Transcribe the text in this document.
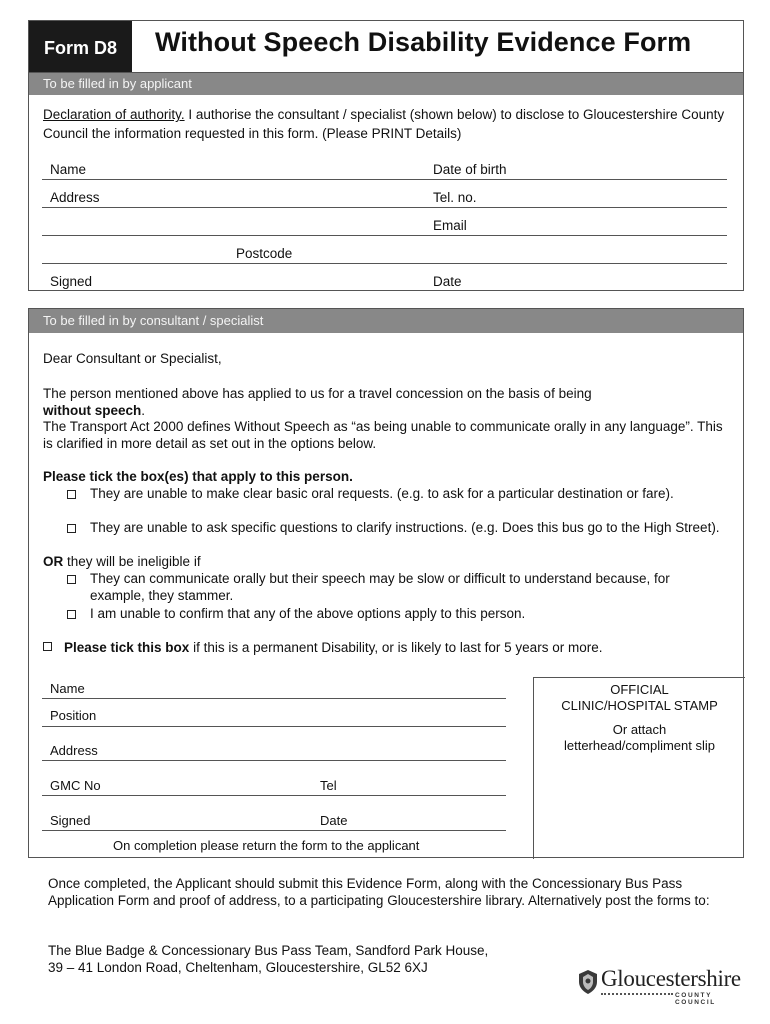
Form D8	Without Speech Disability Evidence Form
To be filled in by applicant
Declaration of authority. I authorise the consultant / specialist (shown below) to disclose to Gloucestershire County Council the information requested in this form. (Please PRINT Details)
Name	Date of birth
Address	Tel. no.
Email
Postcode
Signed	Date
To be filled in by consultant / specialist
Dear Consultant or Specialist,
The person mentioned above has applied to us for a travel concession on the basis of being
without speech.
The Transport Act 2000 defines Without Speech as “as being unable to communicate orally in any language”. This is clarified in more detail as set out in the options below.
Please tick the box(es) that apply to this person.
They are unable to make clear basic oral requests. (e.g. to ask for a particular destination or fare).
They are unable to ask specific questions to clarify instructions. (e.g. Does this bus go to the High Street).
OR they will be ineligible if
They can communicate orally but their speech may be slow or difficult to understand because, for example, they stammer.
I am unable to confirm that any of the above options apply to this person.
Please tick this box if this is a permanent Disability, or is likely to last for 5 years or more.
Name
Position
Address
GMC No	Tel
Signed	Date
On completion please return the form to the applicant
OFFICIAL
CLINIC/HOSPITAL STAMP
Or attach
letterhead/compliment slip
Once completed, the Applicant should submit this Evidence Form, along with the Concessionary Bus Pass Application Form and proof of address, to a participating Gloucestershire library. Alternatively post the forms to:
The Blue Badge & Concessionary Bus Pass Team, Sandford Park House,
39 – 41 London Road, Cheltenham, Gloucestershire, GL52 6XJ	Gloucestershire
COUNTY COUNCIL
